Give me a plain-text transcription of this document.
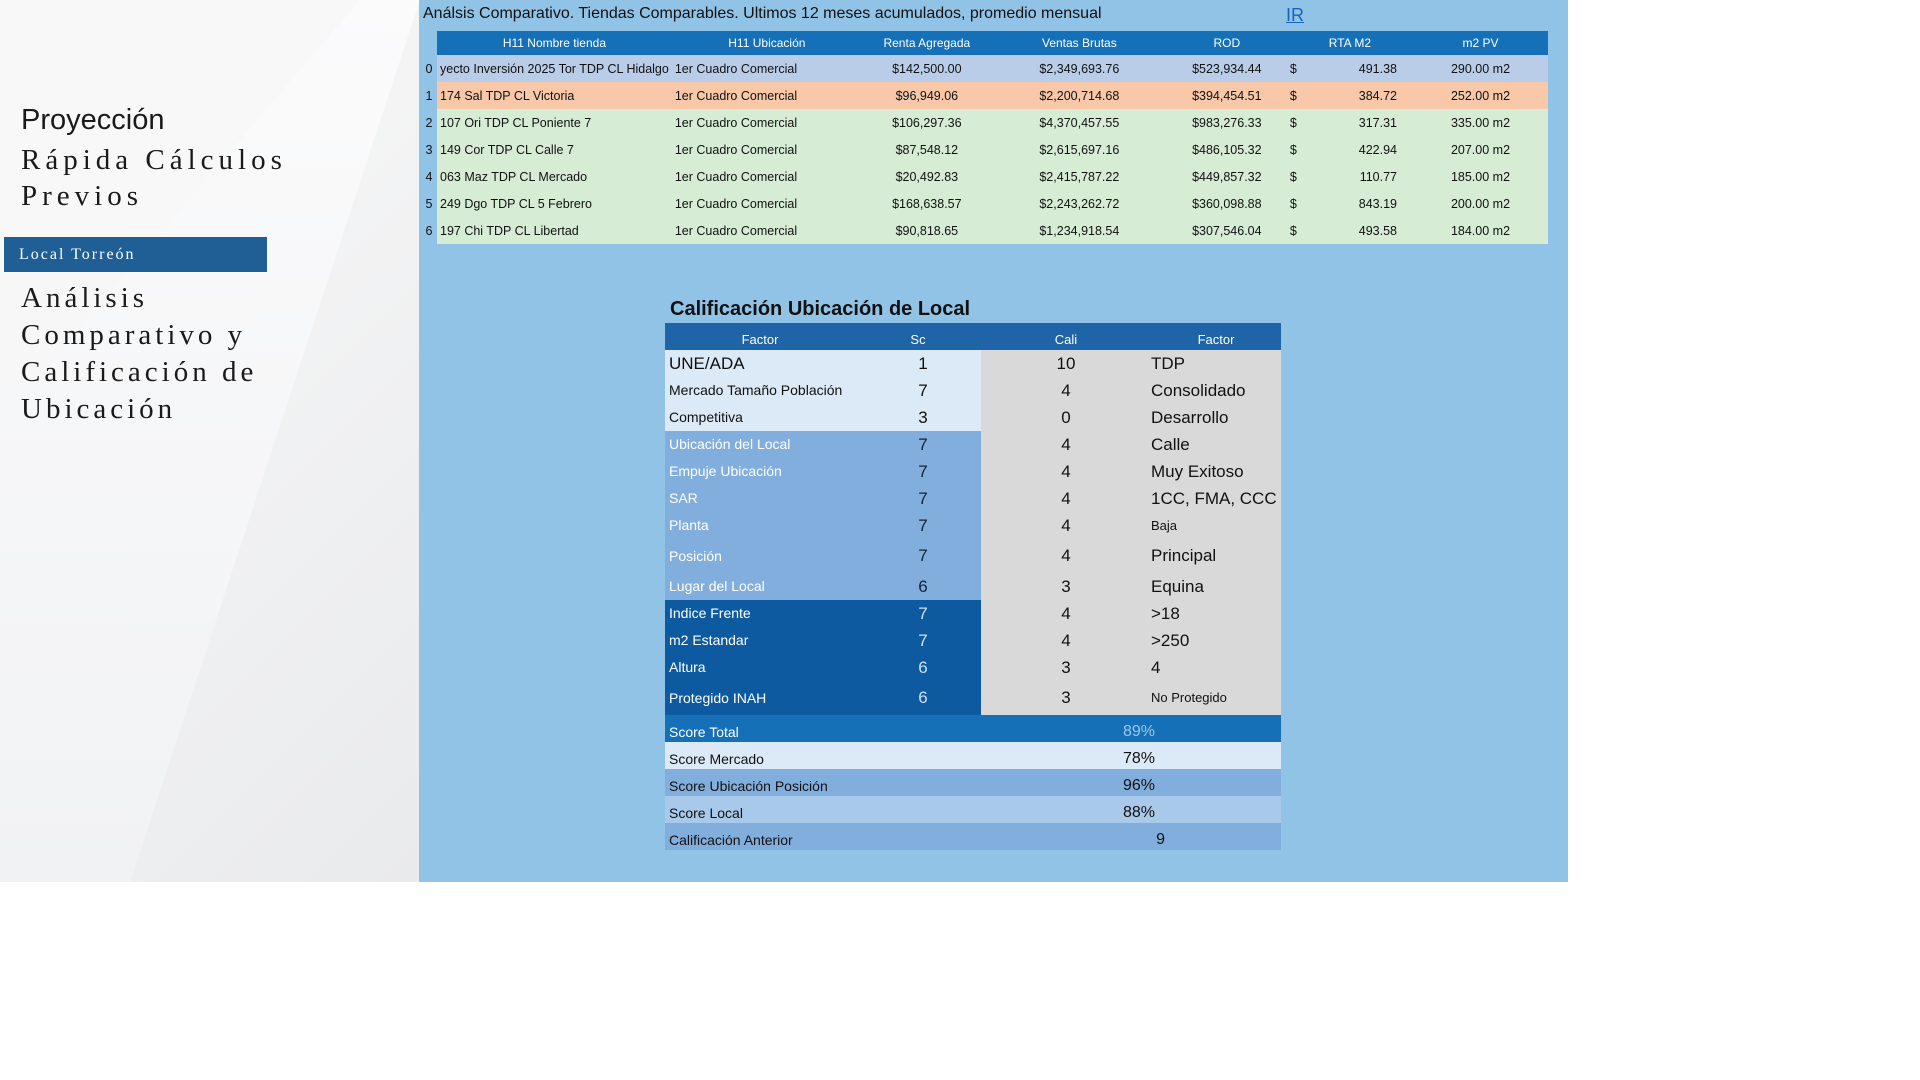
Proyección
Rápida Cálculos Previos
Local Torreón
Análisis Comparativo y Calificación de Ubicación
Análsis Comparativo. Tiendas Comparables. Ultimos 12 meses acumulados, promedio mensual	IR
	H11 Nombre tienda	H11 Ubicación	Renta Agregada	Ventas Brutas	ROD	RTA M2		m2 PV
0	yecto Inversión 2025 Tor TDP CL Hidalgo	1er Cuadro Comercial	$142,500.00	$2,349,693.76	$523,934.44	$	491.38	290.00 m2
1	174 Sal TDP CL Victoria	1er Cuadro Comercial	$96,949.06	$2,200,714.68	$394,454.51	$	384.72	252.00 m2
2	107 Ori TDP CL Poniente 7	1er Cuadro Comercial	$106,297.36	$4,370,457.55	$983,276.33	$	317.31	335.00 m2
3	149 Cor TDP CL Calle 7	1er Cuadro Comercial	$87,548.12	$2,615,697.16	$486,105.32	$	422.94	207.00 m2
4	063 Maz TDP CL Mercado	1er Cuadro Comercial	$20,492.83	$2,415,787.22	$449,857.32	$	110.77	185.00 m2
5	249 Dgo TDP CL 5 Febrero	1er Cuadro Comercial	$168,638.57	$2,243,262.72	$360,098.88	$	843.19	200.00 m2
6	197 Chi TDP CL Libertad	1er Cuadro Comercial	$90,818.65	$1,234,918.54	$307,546.04	$	493.58	184.00 m2
Calificación Ubicación de Local
Factor	Sc	Cali	Factor
UNE/ADA	1	10	TDP
Mercado Tamaño Población	7	4	Consolidado
Competitiva	3	0	Desarrollo
Ubicación del Local	7	4	Calle
Empuje Ubicación	7	4	Muy Exitoso
SAR	7	4	1CC, FMA, CCC
Planta	7	4	Baja
Posición	7	4	Principal
Lugar del Local	6	3	Equina
Indice Frente	7	4	>18
m2 Estandar	7	4	>250
Altura	6	3	4
Protegido INAH	6	3	No Protegido
Score Total	89%
Score Mercado	78%
Score Ubicación Posición	96%
Score Local	88%
Calificación Anterior	9
